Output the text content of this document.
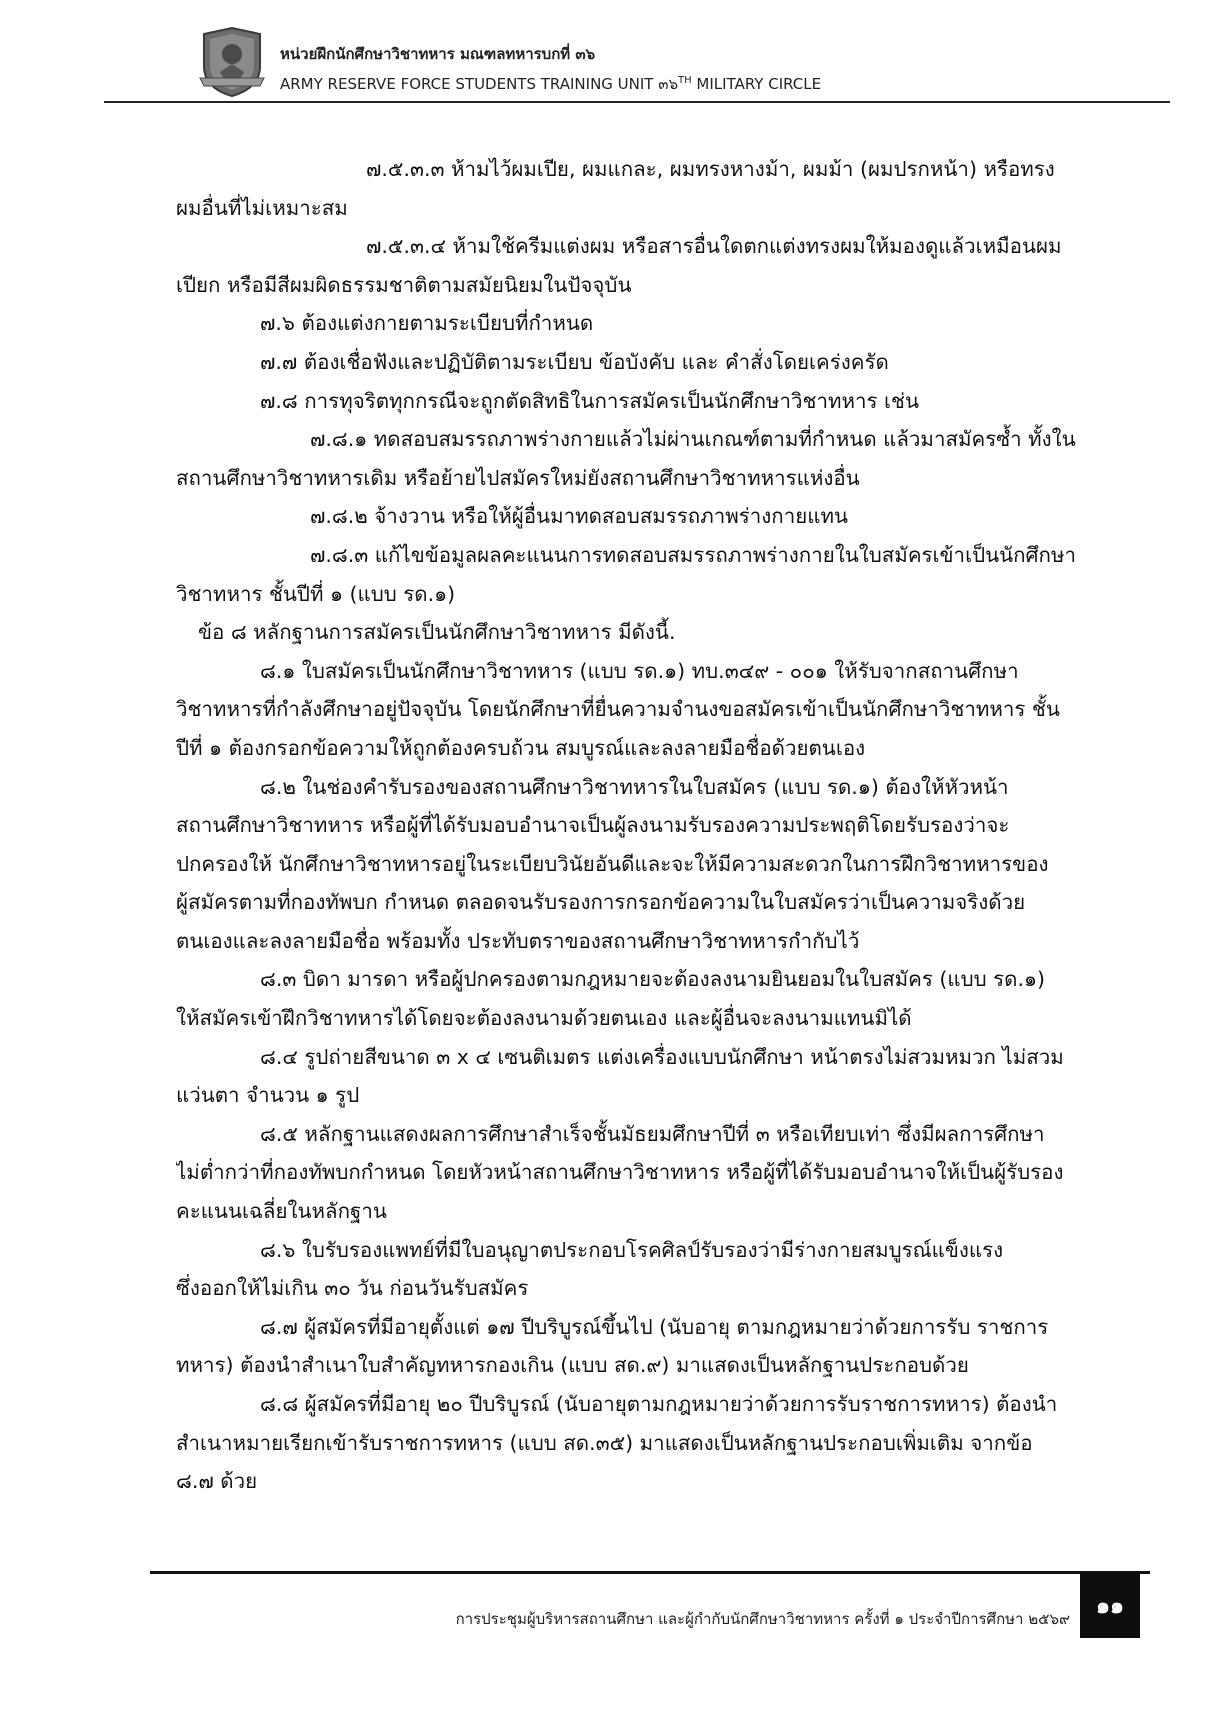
หน่วยฝึกนักศึกษาวิชาทหาร มณฑลทหารบกที่ ๓๖
ARMY RESERVE FORCE STUDENTS TRAINING UNIT ๓๖$^{TH}$ MILITARY CIRCLE

๗.๕.๓.๓ ห้ามไว้ผมเปีย, ผมแกละ, ผมทรงหางม้า, ผมม้า (ผมปรกหน้า) หรือทรง

ผมอื่นที่ไม่เหมาะสม

๗.๕.๓.๔ ห้ามใช้ครีมแต่งผม หรือสารอื่นใดตกแต่งทรงผมให้มองดูแล้วเหมือนผม

เปียก หรือมีสีผมผิดธรรมชาติตามสมัยนิยมในปัจจุบัน

๗.๖ ต้องแต่งกายตามระเบียบที่กำหนด

๗.๗ ต้องเชื่อฟังและปฏิบัติตามระเบียบ ข้อบังคับ และ คำสั่งโดยเคร่งครัด

๗.๘ การทุจริตทุกกรณีจะถูกตัดสิทธิในการสมัครเป็นนักศึกษาวิชาทหาร เช่น

๗.๘.๑ ทดสอบสมรรถภาพร่างกายแล้วไม่ผ่านเกณฑ์ตามที่กำหนด แล้วมาสมัครซ้ำ ทั้งใน

สถานศึกษาวิชาทหารเดิม หรือย้ายไปสมัครใหม่ยังสถานศึกษาวิชาทหารแห่งอื่น

๗.๘.๒ จ้างวาน หรือให้ผู้อื่นมาทดสอบสมรรถภาพร่างกายแทน

๗.๘.๓ แก้ไขข้อมูลผลคะแนนการทดสอบสมรรถภาพร่างกายในใบสมัครเข้าเป็นนักศึกษา

วิชาทหาร ชั้นปีที่ ๑ (แบบ รด.๑)

ข้อ ๘ หลักฐานการสมัครเป็นนักศึกษาวิชาทหาร มีดังนี้.

๘.๑ ใบสมัครเป็นนักศึกษาวิชาทหาร (แบบ รด.๑) ทบ.๓๔๙ - ๐๐๑ ให้รับจากสถานศึกษา

วิชาทหารที่กำลังศึกษาอยู่ปัจจุบัน โดยนักศึกษาที่ยื่นความจำนงขอสมัครเข้าเป็นนักศึกษาวิชาทหาร ชั้น

ปีที่ ๑ ต้องกรอกข้อความให้ถูกต้องครบถ้วน สมบูรณ์และลงลายมือชื่อด้วยตนเอง

๘.๒ ในช่องคำรับรองของสถานศึกษาวิชาทหารในใบสมัคร (แบบ รด.๑) ต้องให้หัวหน้า

สถานศึกษาวิชาทหาร หรือผู้ที่ได้รับมอบอำนาจเป็นผู้ลงนามรับรองความประพฤติโดยรับรองว่าจะ

ปกครองให้ นักศึกษาวิชาทหารอยู่ในระเบียบวินัยอันดีและจะให้มีความสะดวกในการฝึกวิชาทหารของ

ผู้สมัครตามที่กองทัพบก กำหนด ตลอดจนรับรองการกรอกข้อความในใบสมัครว่าเป็นความจริงด้วย

ตนเองและลงลายมือชื่อ พร้อมทั้ง ประทับตราของสถานศึกษาวิชาทหารกำกับไว้

๘.๓ บิดา มารดา หรือผู้ปกครองตามกฎหมายจะต้องลงนามยินยอมในใบสมัคร (แบบ รด.๑)

ให้สมัครเข้าฝึกวิชาทหารได้โดยจะต้องลงนามด้วยตนเอง และผู้อื่นจะลงนามแทนมิได้

๘.๔ รูปถ่ายสีขนาด ๓ x ๔ เซนติเมตร แต่งเครื่องแบบนักศึกษา หน้าตรงไม่สวมหมวก ไม่สวม

แว่นตา จำนวน ๑ รูป

๘.๕ หลักฐานแสดงผลการศึกษาสำเร็จชั้นมัธยมศึกษาปีที่ ๓ หรือเทียบเท่า ซึ่งมีผลการศึกษา

ไม่ต่ำกว่าที่กองทัพบกกำหนด โดยหัวหน้าสถานศึกษาวิชาทหาร หรือผู้ที่ได้รับมอบอำนาจให้เป็นผู้รับรอง

คะแนนเฉลี่ยในหลักฐาน

๘.๖ ใบรับรองแพทย์ที่มีใบอนุญาตประกอบโรคศิลป์รับรองว่ามีร่างกายสมบูรณ์แข็งแรง

ซึ่งออกให้ไม่เกิน ๓๐ วัน ก่อนวันรับสมัคร

๘.๗ ผู้สมัครที่มีอายุตั้งแต่ ๑๗ ปีบริบูรณ์ขึ้นไป (นับอายุ ตามกฎหมายว่าด้วยการรับ ราชการ

ทหาร) ต้องนำสำเนาใบสำคัญทหารกองเกิน (แบบ สด.๙) มาแสดงเป็นหลักฐานประกอบด้วย

๘.๘ ผู้สมัครที่มีอายุ ๒๐ ปีบริบูรณ์ (นับอายุตามกฎหมายว่าด้วยการรับราชการทหาร) ต้องนำ

สำเนาหมายเรียกเข้ารับราชการทหาร (แบบ สด.๓๕) มาแสดงเป็นหลักฐานประกอบเพิ่มเติม จากข้อ

๘.๗ ด้วย

การประชุมผู้บริหารสถานศึกษา และผู้กำกับนักศึกษาวิชาทหาร ครั้งที่ ๑ ประจำปีการศึกษา ๒๕๖๙
๑๑
